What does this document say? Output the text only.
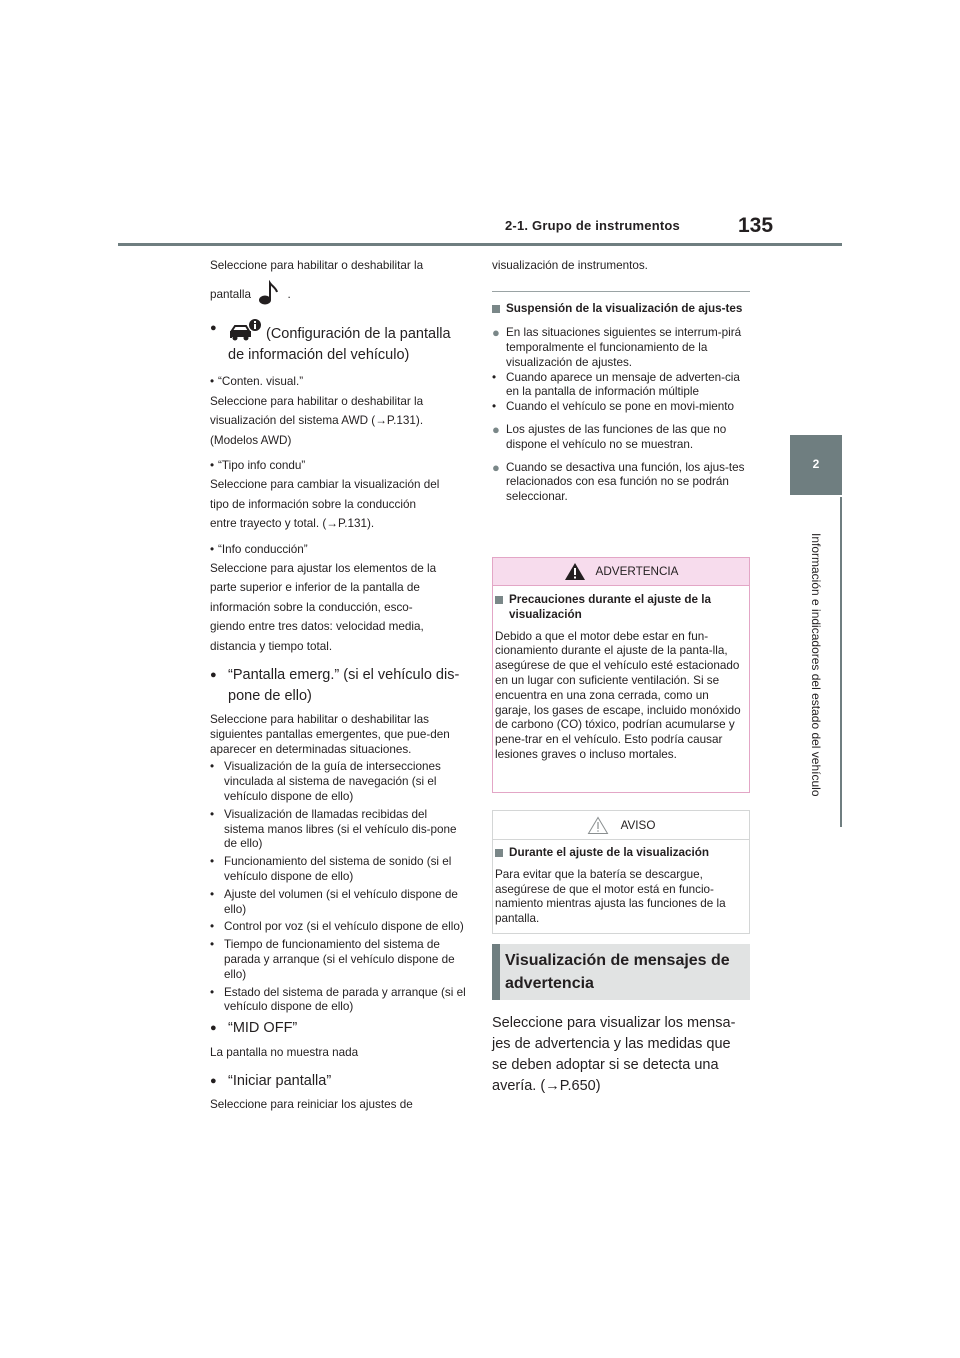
2-1. Grupo de instrumentos	135
2
Información e indicadores del estado del vehículo

Seleccione para habilitar o deshabilitar la

pantalla	.

●	(Configuración de la pantalla de información del vehículo)
• “Conten. visual.”

Seleccione para habilitar o deshabilitar la

visualización del sistema AWD (→P.131).

(Modelos AWD)

• “Tipo info condu”

Seleccione para cambiar la visualización del

tipo de información sobre la conducción

entre trayecto y total. (→P.131).

• “Info conducción”

Seleccione para ajustar los elementos de la

parte superior e inferior de la pantalla de

información sobre la conducción, esco-

giendo entre tres datos: velocidad media,

distancia y tiempo total.

● “Pantalla emerg.” (si el vehículo dis-pone de ello)

Seleccione para habilitar o deshabilitar las siguientes pantallas emergentes, que pue-den aparecer en determinadas situaciones.

• Visualización de la guía de intersecciones vinculada al sistema de navegación (si el vehículo dispone de ello)
• Visualización de llamadas recibidas del sistema manos libres (si el vehículo dis-pone de ello)
• Funcionamiento del sistema de sonido (si el vehículo dispone de ello)
• Ajuste del volumen (si el vehículo dispone de ello)
• Control por voz (si el vehículo dispone de ello)
• Tiempo de funcionamiento del sistema de parada y arranque (si el vehículo dispone de ello)
• Estado del sistema de parada y arranque (si el vehículo dispone de ello)
● “MID OFF”

La pantalla no muestra nada

● “Iniciar pantalla”

Seleccione para reiniciar los ajustes de

visualización de instrumentos.

Suspensión de la visualización de ajus-tes
● En las situaciones siguientes se interrum-pirá temporalmente el funcionamiento de la visualización de ajustes.
• Cuando aparece un mensaje de adverten-cia en la pantalla de información múltiple
• Cuando el vehículo se pone en movi-miento
● Los ajustes de las funciones de las que no dispone el vehículo no se muestran.
● Cuando se desactiva una función, los ajus-tes relacionados con esa función no se podrán seleccionar.
ADVERTENCIA
Precauciones durante el ajuste de la visualización

Debido a que el motor debe estar en fun-cionamiento durante el ajuste de la panta-lla, asegúrese de que el vehículo esté estacionado en un lugar con suficiente ventilación. Si se encuentra en una zona cerrada, como un garaje, los gases de escape, incluido monóxido de carbono (CO) tóxico, podrían acumularse y pene-trar en el vehículo. Esto podría causar lesiones graves o incluso mortales.

AVISO
Durante el ajuste de la visualización

Para evitar que la batería se descargue, asegúrese de que el motor está en funcio-namiento mientras ajusta las funciones de la pantalla.

Visualización de mensajes de advertencia

Seleccione para visualizar los mensa-

jes de advertencia y las medidas que

se deben adoptar si se detecta una

avería. (→P.650)
